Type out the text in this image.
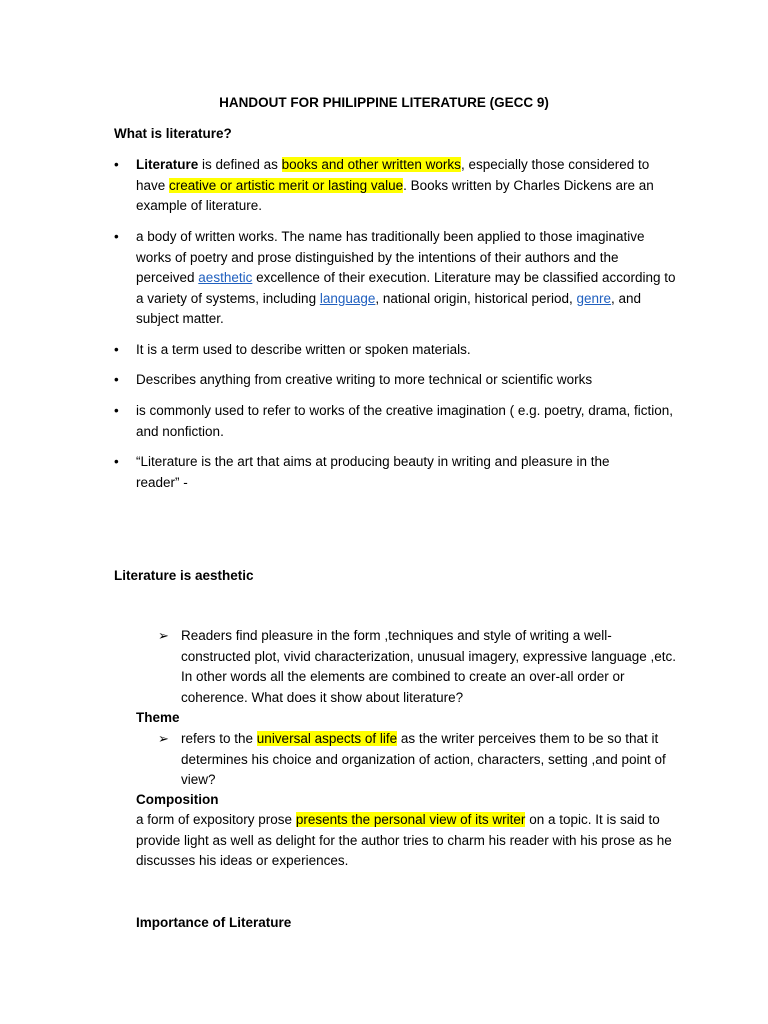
HANDOUT FOR PHILIPPINE LITERATURE (GECC 9)
What is literature?
• Literature is defined as books and other written works, especially those considered to have creative or artistic merit or lasting value. Books written by Charles Dickens are an example of literature.
• a body of written works. The name has traditionally been applied to those imaginative works of poetry and prose distinguished by the intentions of their authors and the perceived aesthetic excellence of their execution. Literature may be classified according to a variety of systems, including language, national origin, historical period, genre, and subject matter.
• It is a term used to describe written or spoken materials.
• Describes anything from creative writing to more technical or scientific works
• is commonly used to refer to works of the creative imagination ( e.g. poetry, drama, fiction, and nonfiction.
• “Literature is the art that aims at producing beauty in writing and pleasure in the reader” -
Literature is aesthetic
➢ Readers find pleasure in the form ,techniques and style of writing a well-constructed plot, vivid characterization, unusual imagery, expressive language ,etc. In other words all the elements are combined to create an over-all order or coherence. What does it show about literature?
Theme
➢ refers to the universal aspects of life as the writer perceives them to be so that it determines his choice and organization of action, characters, setting ,and point of view?
Composition
a form of expository prose presents the personal view of its writer on a topic. It is said to provide light as well as delight for the author tries to charm his reader with his prose as he discusses his ideas or experiences.
Importance of Literature
